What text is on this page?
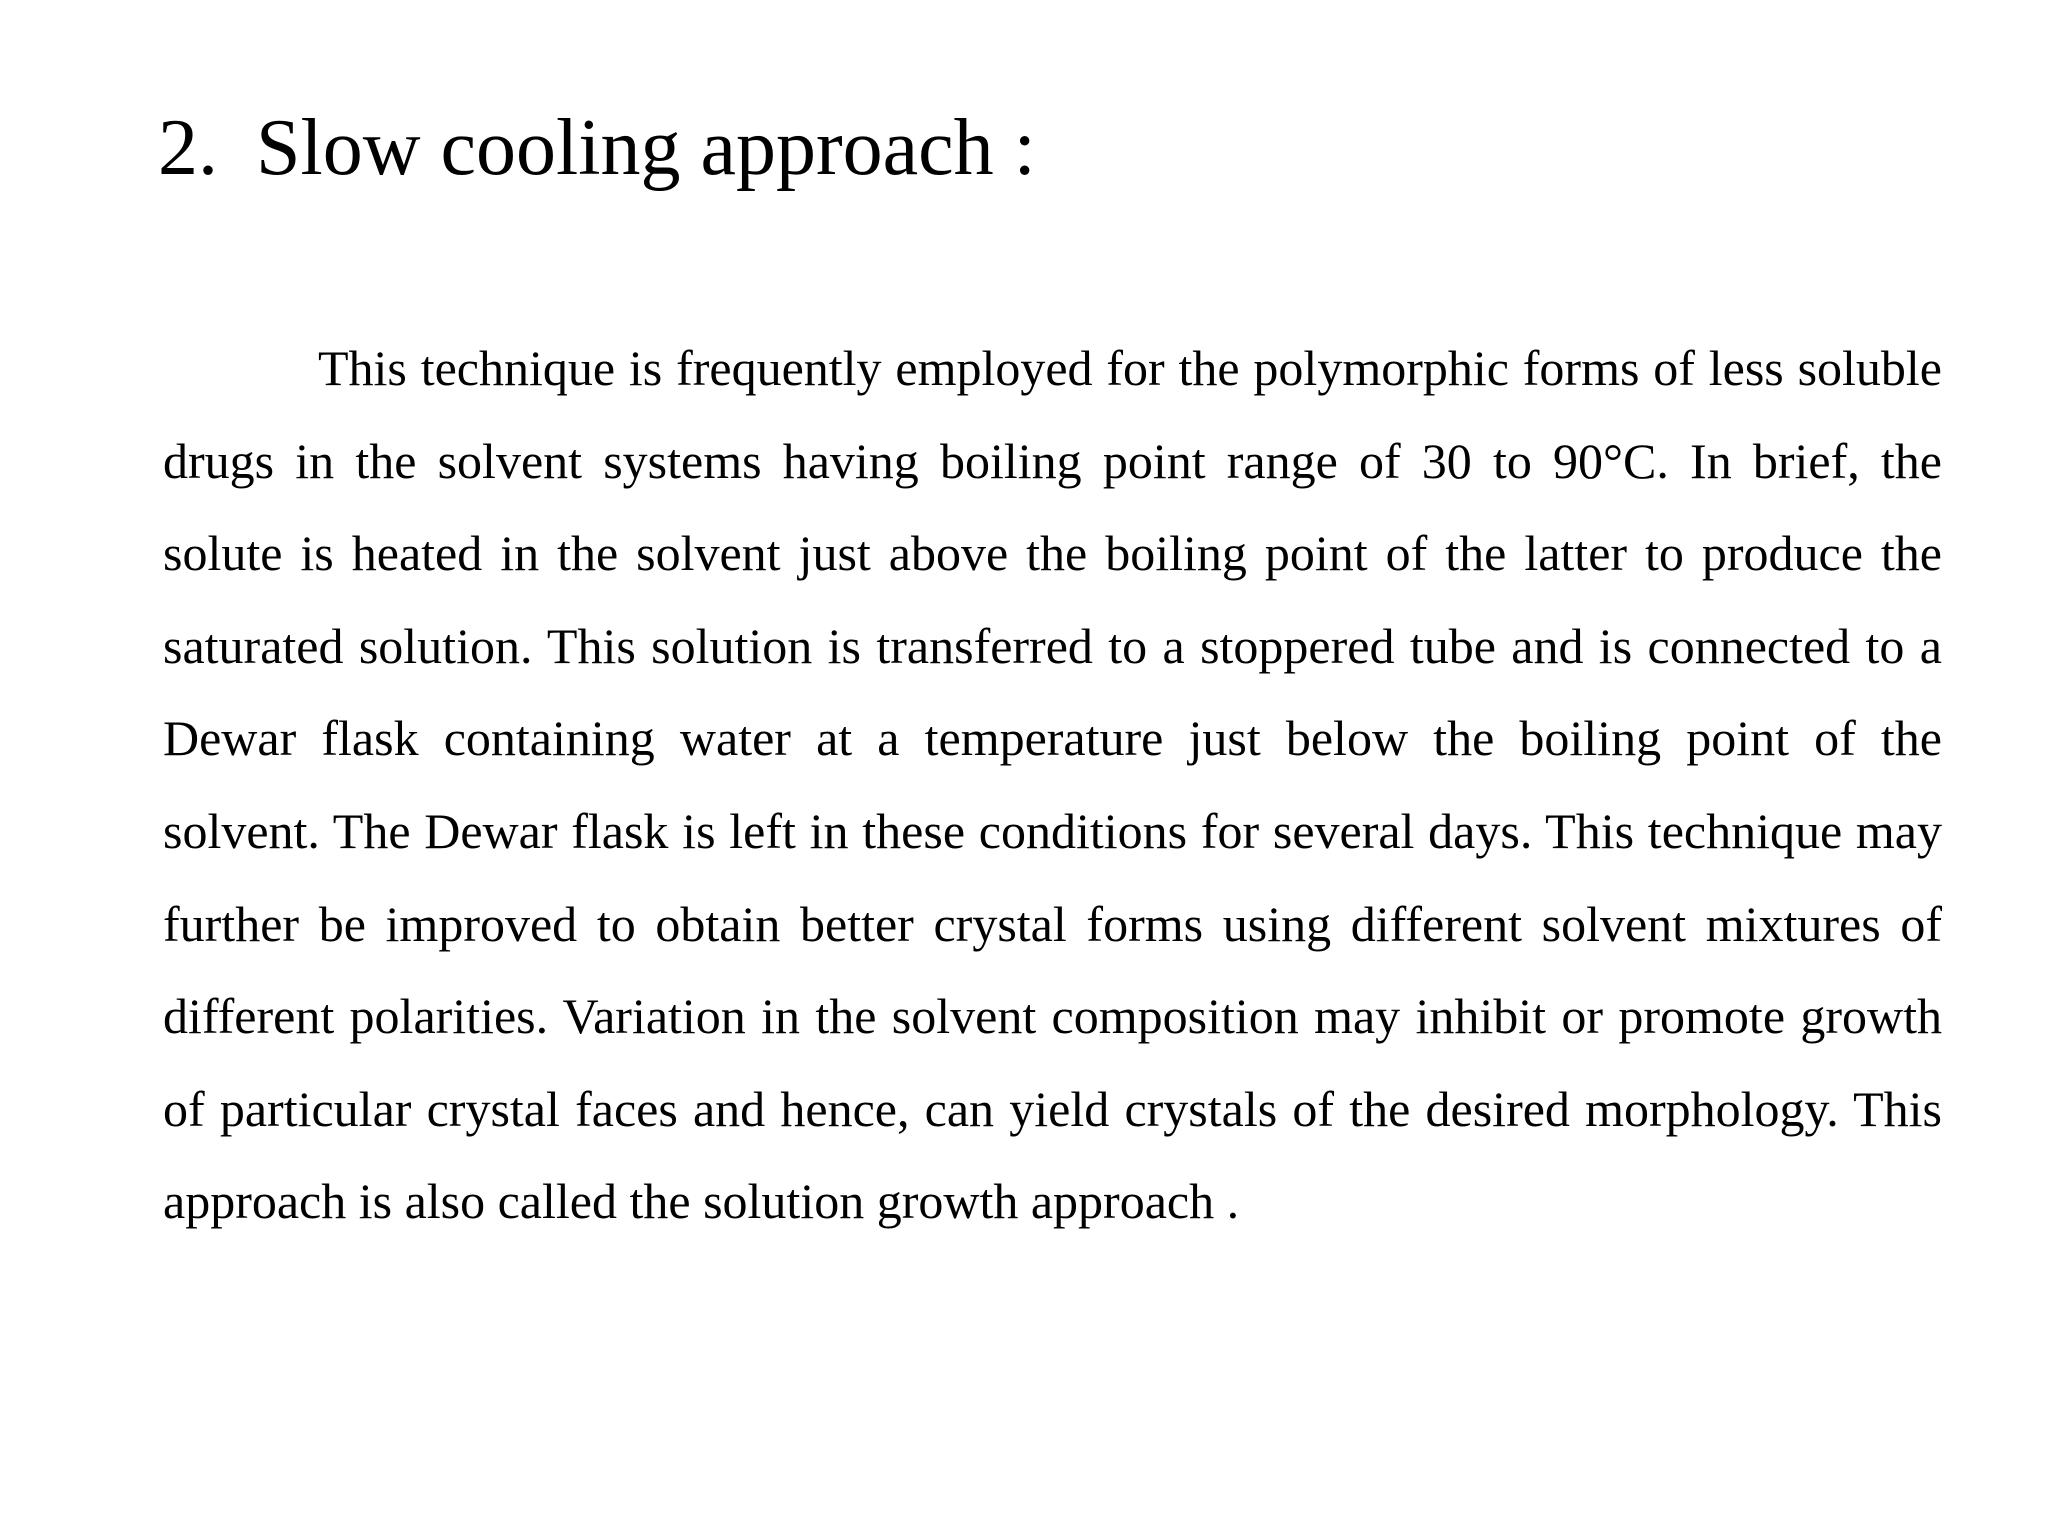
2. Slow cooling approach :

This technique is frequently employed for the polymorphic forms of less soluble drugs in the solvent systems having boiling point range of 30 to 90°C. In brief, the solute is heated in the solvent just above the boiling point of the latter to produce the saturated solution. This solution is transferred to a stoppered tube and is connected to a Dewar flask containing water at a temperature just below the boiling point of the solvent. The Dewar flask is left in these conditions for several days. This technique may further be improved to obtain better crystal forms using different solvent mixtures of different polarities. Variation in the solvent composition may inhibit or promote growth of particular crystal faces and hence, can yield crystals of the desired morphology. This approach is also called the solution growth approach .
